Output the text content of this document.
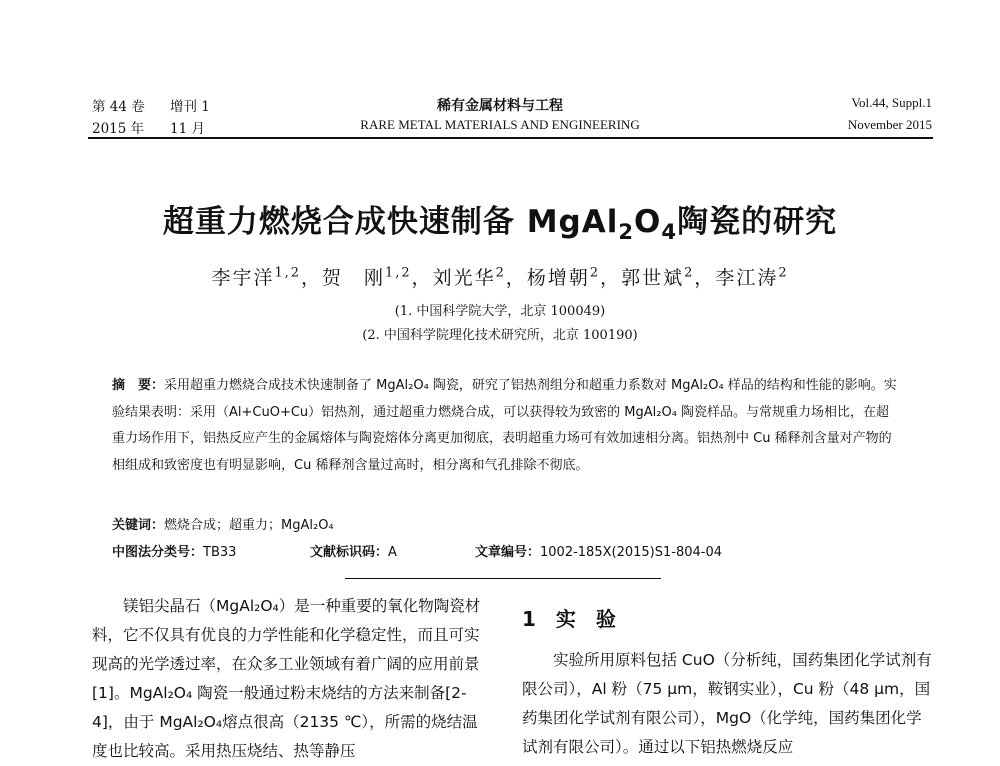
第 44 卷 增刊 1
2015 年 11 月
稀有金属材料与工程
RARE METAL MATERIALS AND ENGINEERING
Vol.44, Suppl.1
November 2015
超重力燃烧合成快速制备 $MgAl_2O_4$陶瓷的研究
李宇洋$^{1,2}$，贺　刚$^{1,2}$，刘光华$^2$，杨增朝$^2$，郭世斌$^2$，李江涛$^2$
(1. 中国科学院大学，北京 100049)
(2. 中国科学院理化技术研究所，北京 100190)
摘　要：采用超重力燃烧合成技术快速制备了 MgAl₂O₄ 陶瓷，研究了铝热剂组分和超重力系数对 MgAl₂O₄ 样品的结构和性能的影响。实验结果表明：采用（Al+CuO+Cu）铝热剂，通过超重力燃烧合成，可以获得较为致密的 MgAl₂O₄ 陶瓷样品。与常规重力场相比，在超重力场作用下，铝热反应产生的金属熔体与陶瓷熔体分离更加彻底，表明超重力场可有效加速相分离。铝热剂中 Cu 稀释剂含量对产物的相组成和致密度也有明显影响，Cu 稀释剂含量过高时，相分离和气孔排除不彻底。
关键词：燃烧合成；超重力；MgAl₂O₄
中图法分类号：TB33	文献标识码：A	文章编号：1002-185X(2015)S1-804-04
镁铝尖晶石（MgAl₂O₄）是一种重要的氧化物陶瓷材料，它不仅具有优良的力学性能和化学稳定性，而且可实现高的光学透过率，在众多工业领域有着广阔的应用前景[1]。MgAl₂O₄ 陶瓷一般通过粉末烧结的方法来制备[2-4]，由于 MgAl₂O₄熔点很高（2135 ℃），所需的烧结温度也比较高。采用热压烧结、热等静压
1 实　验
实验所用原料包括 CuO（分析纯，国药集团化学试剂有限公司），Al 粉（75 μm，鞍钢实业），Cu 粉（48 μm，国药集团化学试剂有限公司），MgO（化学纯，国药集团化学试剂有限公司）。通过以下铝热燃烧反应
